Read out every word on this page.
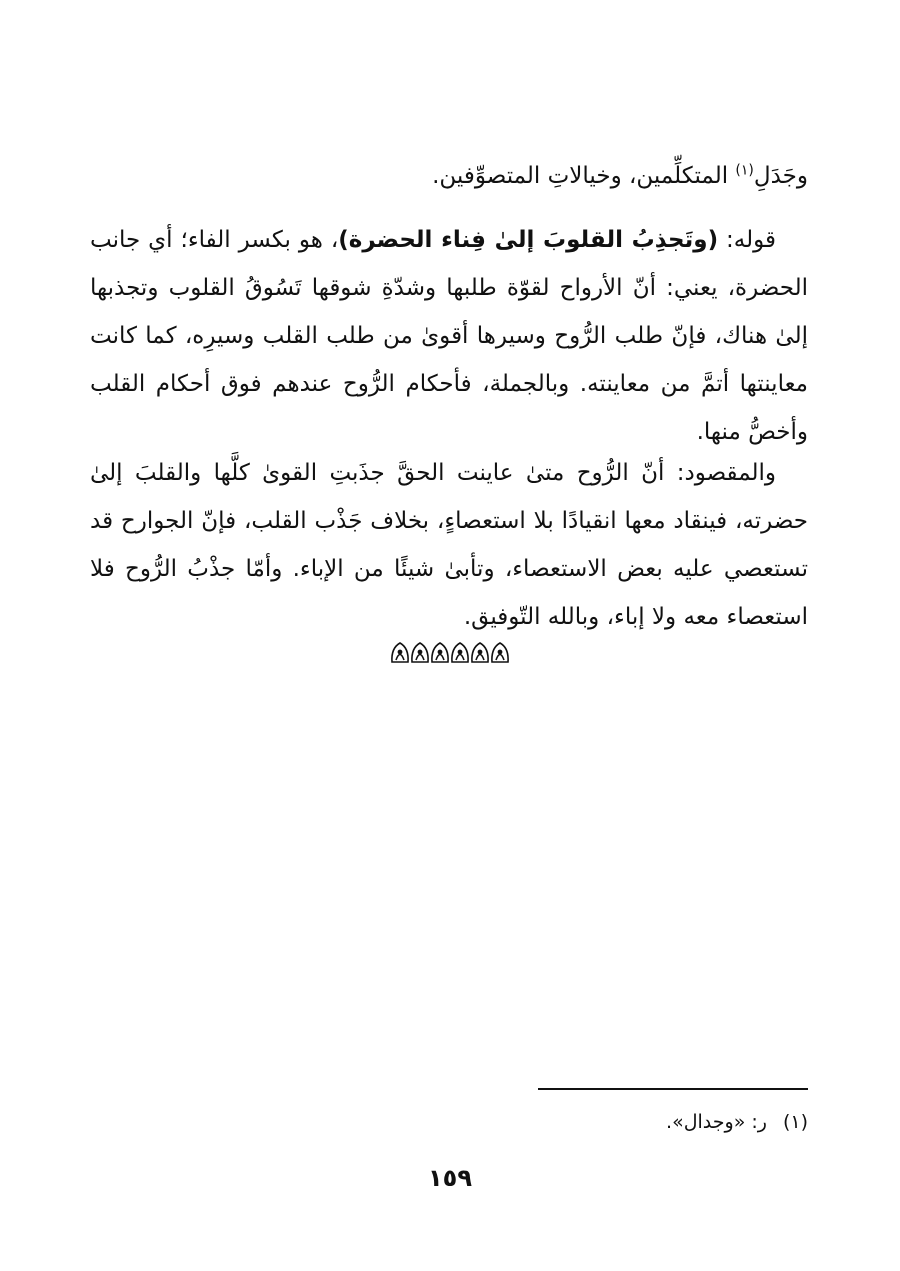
وجَدَلِ$^{(١)}$ المتكلِّمين، وخيالاتِ المتصوِّفين.
قوله: (وتَجذِبُ القلوبَ إلىٰ فِناء الحضرة)، هو بكسر الفاء؛ أي جانب الحضرة، يعني: أنّ الأرواح لقوّة طلبها وشدّةِ شوقها تَسُوقُ القلوب وتجذبها إلىٰ هناك، فإنّ طلب الرُّوح وسيرها أقوىٰ من طلب القلب وسيرِه، كما كانت معاينتها أتمَّ من معاينته. وبالجملة، فأحكام الرُّوح عندهم فوق أحكام القلب وأخصُّ منها.
والمقصود: أنّ الرُّوح متىٰ عاينت الحقَّ جذَبتِ القوىٰ كلَّها والقلبَ إلىٰ حضرته، فينقاد معها انقيادًا بلا استعصاءٍ، بخلاف جَذْب القلب، فإنّ الجوارح قد تستعصي عليه بعض الاستعصاء، وتأبىٰ شيئًا من الإباء. وأمّا جذْبُ الرُّوح فلا استعصاء معه ولا إباء، وبالله التّوفيق.
(١)ر: «وجدال».
١٥٩
